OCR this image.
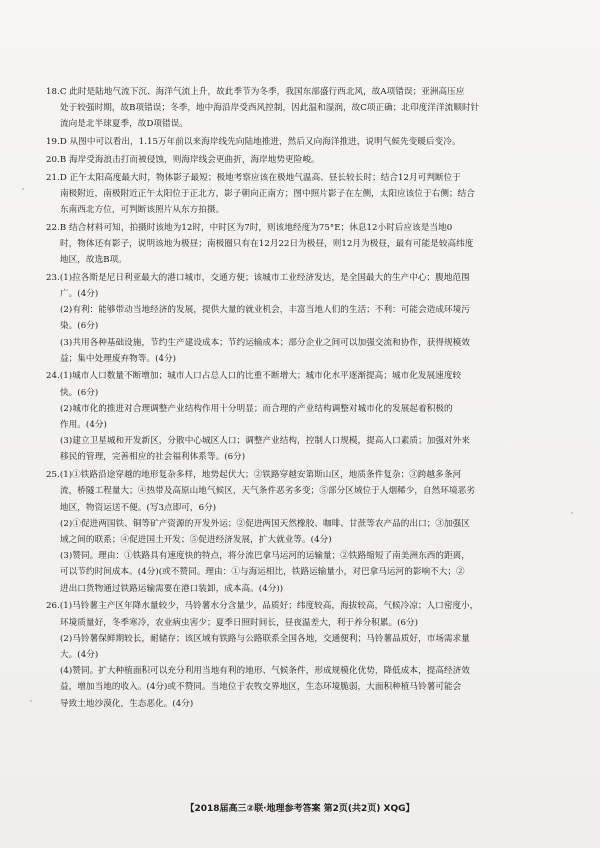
18.C 此时是陆地气流下沉、海洋气流上升，故此季节为冬季，我国东部盛行西北风，故A项错误；亚洲高压应

处于较强时期，故B项错误；冬季，地中海沿岸受西风控制，因此温和湿润，故C项正确；北印度洋洋流顺时针

流向是北半球夏季，故D项错误。

19.D 从图中可以看出，1.15万年前以来海岸线先向陆地推进，然后又向海洋推进，说明气候先变暖后变冷。

20.B 海岸受海浪击打而被侵蚀，则海岸线会更曲折，海岸地势更险峻。

21.D 正午太阳高度最大时，物体影子最短；极地考察应该在极地气温高、昼长较长时；结合12月可判断位于

南极附近，南极附近正午太阳位于正北方，影子朝向正南方；图中照片影子在左侧，太阳应该位于右侧；结合

东南西北方位，可判断该照片从东方拍摄。

22.B 结合材料可知，拍摄时该地为12时，中时区为7时，则该地经度为75°E；休息12小时后应该是当地0

时，物体还有影子，说明该地为极昼；南极圈只有在12月22日为极昼，则12月为极昼，最有可能是较高纬度

地区，故选B项。

23.(1)拉各斯是尼日利亚最大的港口城市，交通方便；该城市工业经济发达，是全国最大的生产中心；腹地范围

广。(4分)

(2)有利：能够带动当地经济的发展，提供大量的就业机会，丰富当地人们的生活；不利：可能会造成环境污

染。(6分)

(3)共用各种基础设施，节约生产建设成本；节约运输成本；部分企业之间可以加强交流和协作，获得规模效

益；集中处理废弃物等。(4分)

24.(1)城市人口数量不断增加；城市人口占总人口的比重不断增大；城市化水平逐渐提高；城市化发展速度较

快。(6分)

(2)城市化的推进对合理调整产业结构作用十分明显；而合理的产业结构调整对城市化的发展起着积极的

作用。(4分)

(3)建立卫星城和开发新区，分散中心城区人口；调整产业结构，控制人口规模，提高人口素质；加强对外来

移民的管理，完善相应的社会福利体系等。(6分)

25.(1)①铁路沿途穿越的地形复杂多样，地势起伏大；②铁路穿越安第斯山区，地质条件复杂；③跨越多条河

流，桥隧工程量大；④热带及高原山地气候区，天气条件恶劣多变；⑤部分区域位于人烟稀少，自然环境恶劣

地区，物资运送不便。(写3点即可，6分)

(2)①促进两国铁、铜等矿产资源的开发外运；②促进两国天然橡胶、咖啡、甘蔗等农产品的出口；③加强区

域之间的联系；④促进国土开发；⑤促进经济发展，扩大就业等。(4分)

(3)赞同。理由：①铁路具有速度快的特点，将分流巴拿马运河的运输量；②铁路缩短了南美洲东西的距离，

可以节约时间成本。(4分)(或不赞同。理由：①与海运相比，铁路运输量小，对巴拿马运河的影响不大；②

进出口货物通过铁路运输需要在港口装卸，成本高。(4分))

26.(1)马铃薯主产区年降水量较少，马铃薯水分含量少，品质好；纬度较高，海拔较高，气候冷凉；人口密度小，

环境质量好，冬季寒冷，农业病虫害少；夏季日照时间长，昼夜温差大，利于养分积累。(6分)

(2)马铃薯保鲜期较长，耐储存；该区域有铁路与公路联系全国各地，交通便利；马铃薯品质好，市场需求量

大。(4分)

(4)赞同。扩大种植面积可以充分利用当地有利的地形、气候条件，形成规模化优势，降低成本，提高经济效

益，增加当地的收入。(4分)或不赞同。当地位于农牧交界地区，生态环境脆弱，大面积种植马铃薯可能会

导致土地沙漠化，生态恶化。(4分)

【2018届高三②联·地理参考答案 第2页(共2页) XQG】
